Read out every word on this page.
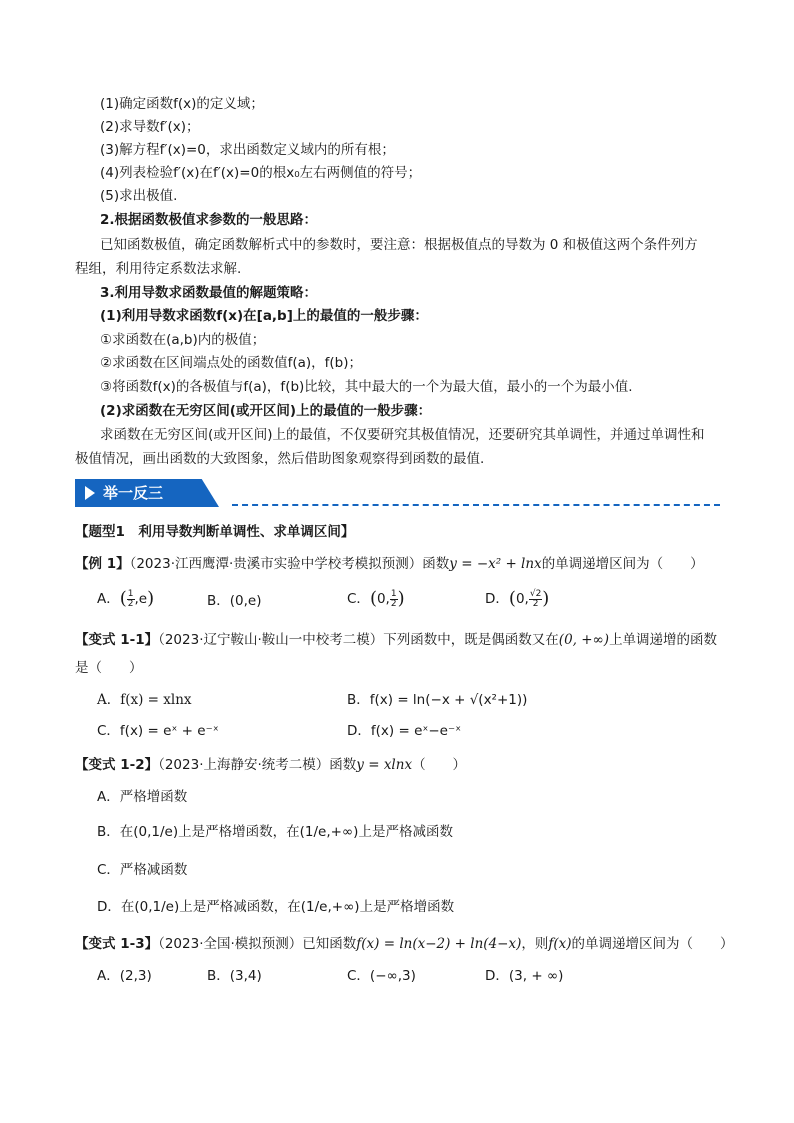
(1)确定函数f(x)的定义域；
(2)求导数f′(x)；
(3)解方程f′(x)=0，求出函数定义域内的所有根；
(4)列表检验f′(x)在f′(x)=0的根x₀左右两侧值的符号；
(5)求出极值.
2.根据函数极值求参数的一般思路：
已知函数极值，确定函数解析式中的参数时，要注意：根据极值点的导数为 0 和极值这两个条件列方
程组，利用待定系数法求解.
3.利用导数求函数最值的解题策略：
(1)利用导数求函数f(x)在[a,b]上的最值的一般步骤：
①求函数在(a,b)内的极值；
②求函数在区间端点处的函数值f(a)，f(b)；
③将函数f(x)的各极值与f(a)，f(b)比较，其中最大的一个为最大值，最小的一个为最小值.
(2)求函数在无穷区间(或开区间)上的最值的一般步骤：
求函数在无穷区间(或开区间)上的最值，不仅要研究其极值情况，还要研究其单调性，并通过单调性和
极值情况，画出函数的大致图象，然后借助图象观察得到函数的最值.
举一反三
【题型1　利用导数判断单调性、求单调区间】
【例 1】（2023·江西鹰潭·贵溪市实验中学校考模拟预测）函数y = −x² + lnx的单调递增区间为（　　）
A．( $\frac{1}{2} ,e$)	B．(0,e)	C．(0, $\frac{1}{2}$ )	D．(0, $\frac{√2}{2}$ )
【变式 1-1】（2023·辽宁鞍山·鞍山一中校考二模）下列函数中，既是偶函数又在(0, +∞)上单调递增的函数
是（　　）
A．f(x) = xlnx	B．f(x) = ln(−x + √(x²+1))
C．f(x) = eˣ + e⁻ˣ	D．f(x) = eˣ−e⁻ˣ
【变式 1-2】（2023·上海静安·统考二模）函数y = xlnx（　　）
A．严格增函数
B．在(0,1/e)上是严格增函数，在(1/e,+∞)上是严格减函数
C．严格减函数
D．在(0,1/e)上是严格减函数，在(1/e,+∞)上是严格增函数
【变式 1-3】（2023·全国·模拟预测）已知函数f(x) = ln(x−2) + ln(4−x)，则f(x)的单调递增区间为（　　）
A．(2,3)	B．(3,4)	C．(−∞,3)	D．(3, + ∞)
